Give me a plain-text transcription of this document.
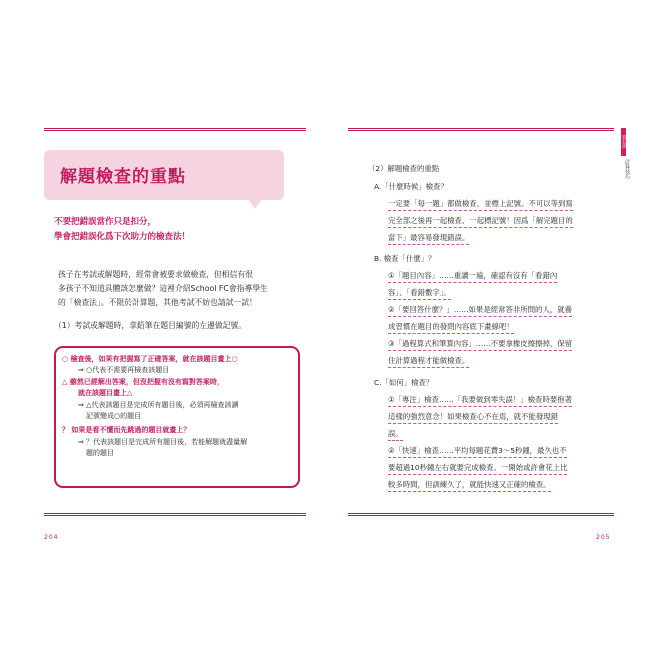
第五章
計算技巧
解題檢查的重點
不要把錯誤當作只是扣分，
學會把錯誤化爲下次助力的檢查法！
孩子在考試或解題時，經常會被要求做檢查，但相信有很
多孩子不知道具體該怎麼做？這裡介紹School FC會指導學生
的「檢查法」。不限於計算題，其他考試不妨也請試一試！
（1）考試或解題時，拿鉛筆在題目編號的左邊做記號。
○ 檢查後，如果有把握寫了正確答案，就在該題目畫上○
⇒ ○代表不需要再檢查該題目
△ 雖然已經解出答案，但沒把握有沒有寫對答案時，
就在該題目畫上△
⇒ △代表該題目是完成所有題目後，必須再檢查該讀
記號變成○的題目
？ 如果是看不懂而先跳過的題目就畫上？
⇒ ？代表該題目是完成所有題目後，若能解題就盡量解
題的題目
204
（2）解題檢查的重點
A.「什麼時候」檢查？
一定要「每一題」都做檢查，並標上記號。不可以等到寫
完全部之後再一起檢查、一起標記號！因爲「解完題目的
當下」最容易發現錯誤。
B. 檢查「什麼」？
①「題目內容」……重讀一遍，確認有沒有「看錯內
容」、「看錯數字」。
②「要回答什麼？」……如果是經常答非所問的人，就養
成習慣在題目的發問內容底下畫線吧！
③「過程算式和筆算內容」……不要拿橡皮擦擦掉，保留
住計算過程才能做檢查。
C.「如何」檢查？
①「專注」檢查……「我要做到零失誤！」檢查時要抱著
這樣的強烈意念！如果檢查心不在焉，就不能發現錯
誤。
②「快速」檢查……平均每題花費3～5秒鐘，最久也不
要超過10秒鐘左右就要完成檢查。一開始或許會花上比
較多時間，但訓練久了，就能快速又正確的檢查。
205
